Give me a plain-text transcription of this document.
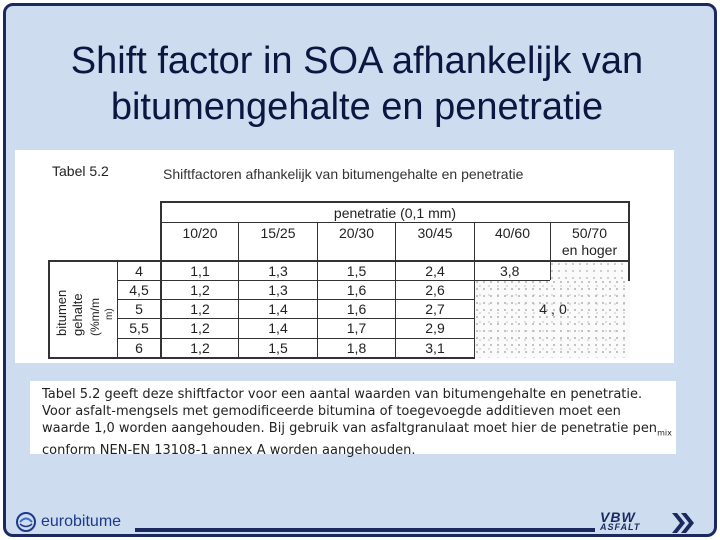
Shift factor in SOA afhankelijk van
bitumengehalte en penetratie
Tabel 5.2	Shiftfactoren afhankelijk van bitumengehalte en penetratie
penetratie (0,1 mm)
10/20	15/25	20/30	30/45	40/60	50/70
en hoger
bitumen gehalte (%m/m m)
4	1,1	1,3	1,5	2,4	3,8
4,5	1,2	1,3	1,6	2,6
5	1,2	1,4	1,6	2,7
5,5	1,2	1,4	1,7	2,9
6	1,2	1,5	1,8	3,1
4,0
Tabel 5.2 geeft deze shiftfactor voor een aantal waarden van bitumengehalte en penetratie. Voor asfalt-mengsels met gemodificeerde bitumina of toegevoegde additieven moet een waarde 1,0 worden aangehouden. Bij gebruik van asfaltgranulaat moet hier de penetratie pen$_{mix}$ conform NEN-EN 13108-1 annex A worden aangehouden.
eurobitume	VBW
ASFALT
